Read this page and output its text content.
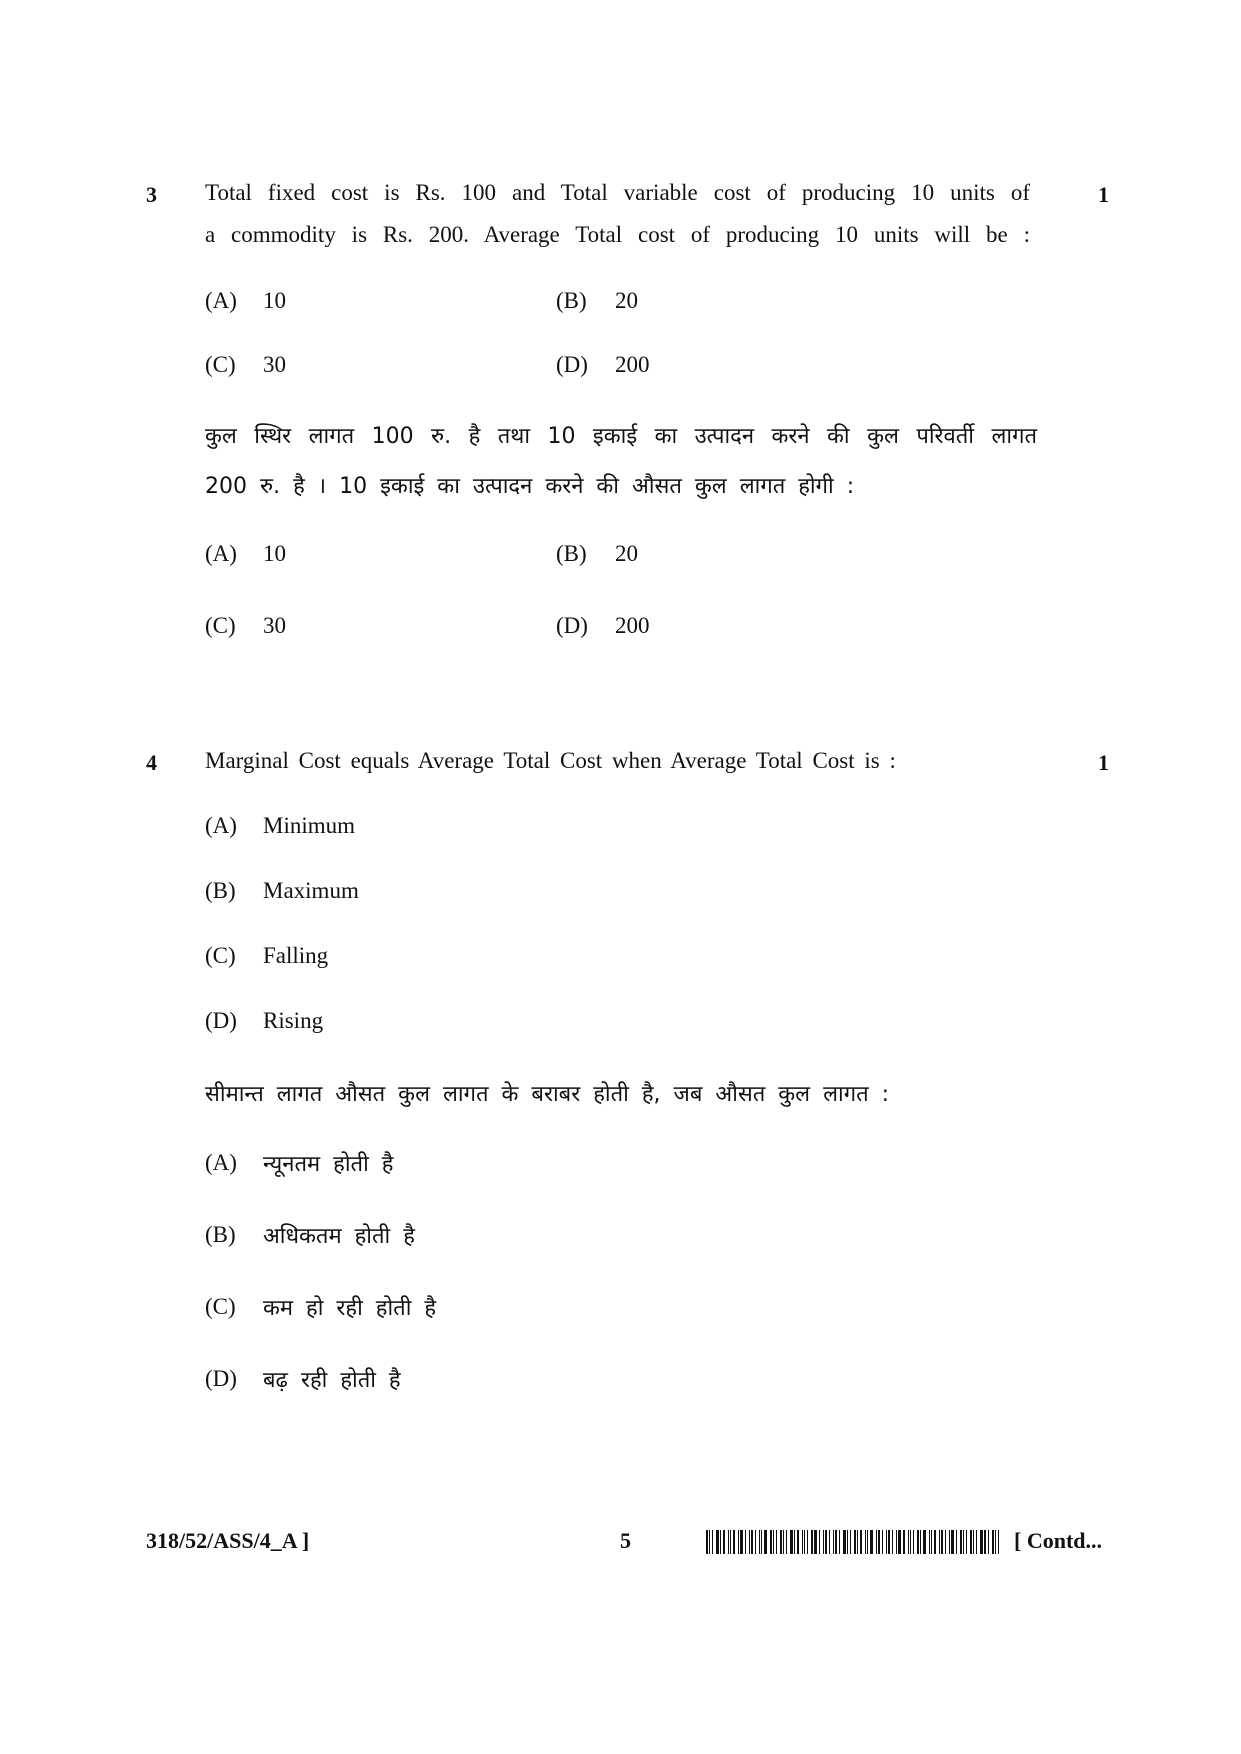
3	1
Total fixed cost is Rs. 100 and Total variable cost of producing 10 units of
a commodity is Rs. 200. Average Total cost of producing 10 units will be :
(A) 10	(B) 20
(C) 30	(D) 200
कुल स्थिर लागत 100 रु. है तथा 10 इकाई का उत्पादन करने की कुल परिवर्ती लागत
200 रु. है । 10 इकाई का उत्पादन करने की औसत कुल लागत होगी :
(A) 10	(B) 20
(C) 30	(D) 200
4	1
Marginal Cost equals Average Total Cost when Average Total Cost is :
(A) Minimum
(B) Maximum
(C) Falling
(D) Rising
सीमान्त लागत औसत कुल लागत के बराबर होती है, जब औसत कुल लागत :
(A) न्यूनतम होती है
(B) अधिकतम होती है
(C) कम हो रही होती है
(D) बढ़ रही होती है
318/52/ASS/4_A ]	5	[ Contd...
